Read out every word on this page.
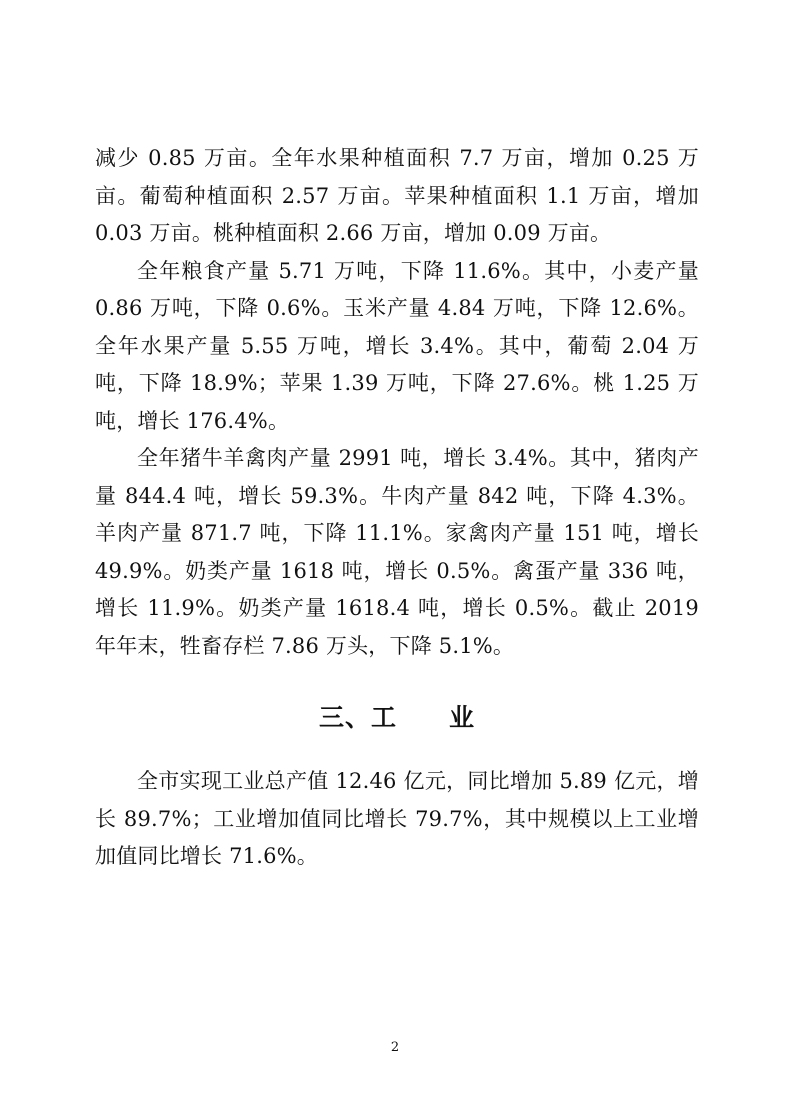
减少 0.85 万亩。全年水果种植面积 7.7 万亩，增加 0.25 万亩。葡萄种植面积 2.57 万亩。苹果种植面积 1.1 万亩，增加 0.03 万亩。桃种植面积 2.66 万亩，增加 0.09 万亩。

全年粮食产量 5.71 万吨，下降 11.6%。其中，小麦产量 0.86 万吨，下降 0.6%。玉米产量 4.84 万吨，下降 12.6%。全年水果产量 5.55 万吨，增长 3.4%。其中，葡萄 2.04 万吨，下降 18.9%；苹果 1.39 万吨，下降 27.6%。桃 1.25 万吨，增长 176.4%。

全年猪牛羊禽肉产量 2991 吨，增长 3.4%。其中，猪肉产量 844.4 吨，增长 59.3%。牛肉产量 842 吨，下降 4.3%。羊肉产量 871.7 吨，下降 11.1%。家禽肉产量 151 吨，增长 49.9%。奶类产量 1618 吨，增长 0.5%。禽蛋产量 336 吨，增长 11.9%。奶类产量 1618.4 吨，增长 0.5%。截止 2019 年年末，牲畜存栏 7.86 万头，下降 5.1%。

三、工　　业

全市实现工业总产值 12.46 亿元，同比增加 5.89 亿元，增长 89.7%；工业增加值同比增长 79.7%，其中规模以上工业增加值同比增长 71.6%。

2
